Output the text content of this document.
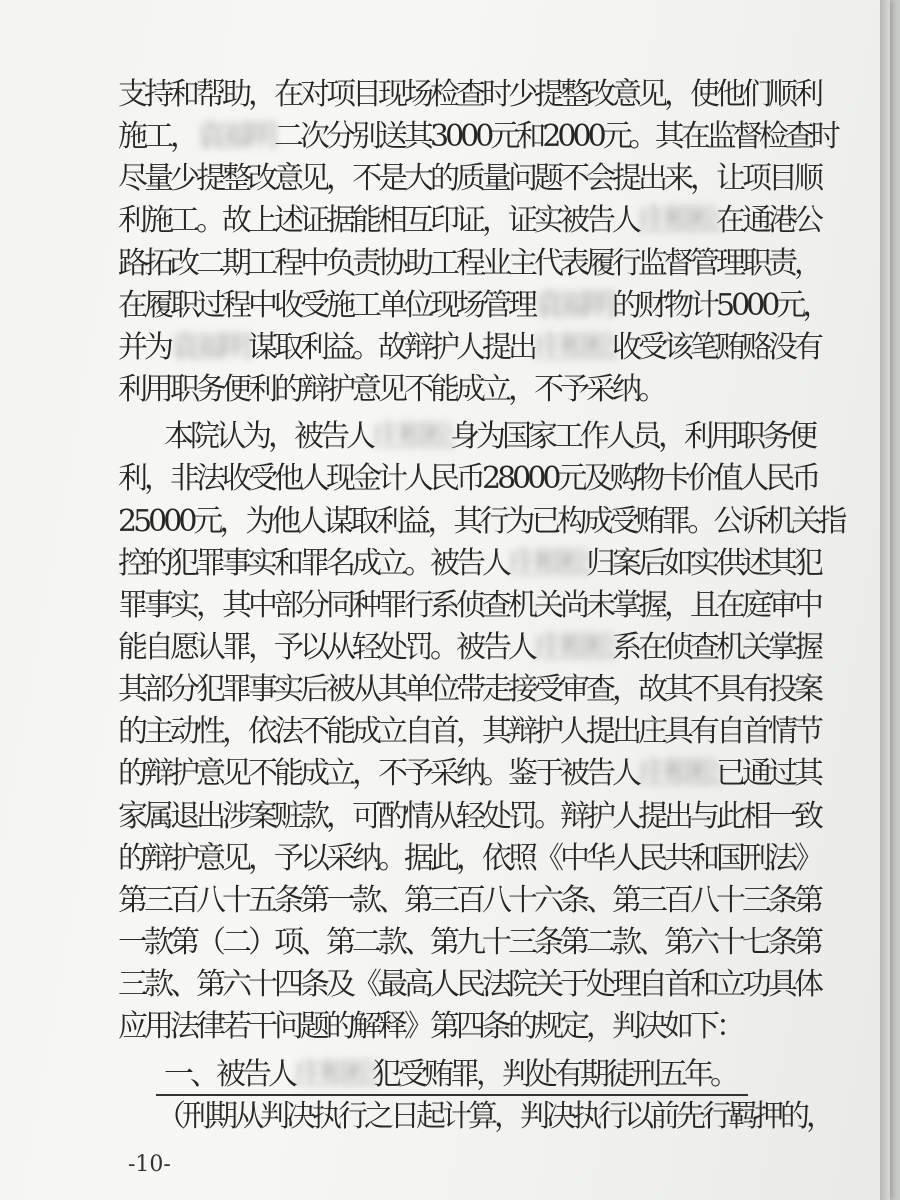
支持和帮助，在对项目现场检查时少提整改意见，使他们顺利
施工，袁福明二次分别送其3000元和2000元。其在监督检查时
尽量少提整改意见，不是大的质量问题不会提出来，让项目顺
利施工。故上述证据能相互印证，证实被告人庄根松在通港公
路拓改二期工程中负责协助工程业主代表履行监督管理职责，
在履职过程中收受施工单位现场管理袁福明的财物计5000元，
并为袁福明谋取利益。故辩护人提出庄根松收受该笔贿赂没有
利用职务便利的辩护意见不能成立，不予采纳。
本院认为，被告人庄根松身为国家工作人员，利用职务便
利，非法收受他人现金计人民币28000元及购物卡价值人民币
25000元，为他人谋取利益，其行为已构成受贿罪。公诉机关指
控的犯罪事实和罪名成立。被告人庄根松归案后如实供述其犯
罪事实，其中部分同种罪行系侦查机关尚未掌握，且在庭审中
能自愿认罪，予以从轻处罚。被告人庄根松系在侦查机关掌握
其部分犯罪事实后被从其单位带走接受审查，故其不具有投案
的主动性，依法不能成立自首，其辩护人提出庄具有自首情节
的辩护意见不能成立，不予采纳。鉴于被告人庄根松已通过其
家属退出涉案赃款，可酌情从轻处罚。辩护人提出与此相一致
的辩护意见，予以采纳。据此，依照《中华人民共和国刑法》
第三百八十五条第一款、第三百八十六条、第三百八十三条第
一款第（二）项、第二款、第九十三条第二款、第六十七条第
三款、第六十四条及《最高人民法院关于处理自首和立功具体
应用法律若干问题的解释》第四条的规定，判决如下：
一、被告人庄根松犯受贿罪，判处有期徒刑五年。
（刑期从判决执行之日起计算，判决执行以前先行羁押的，
-10-
